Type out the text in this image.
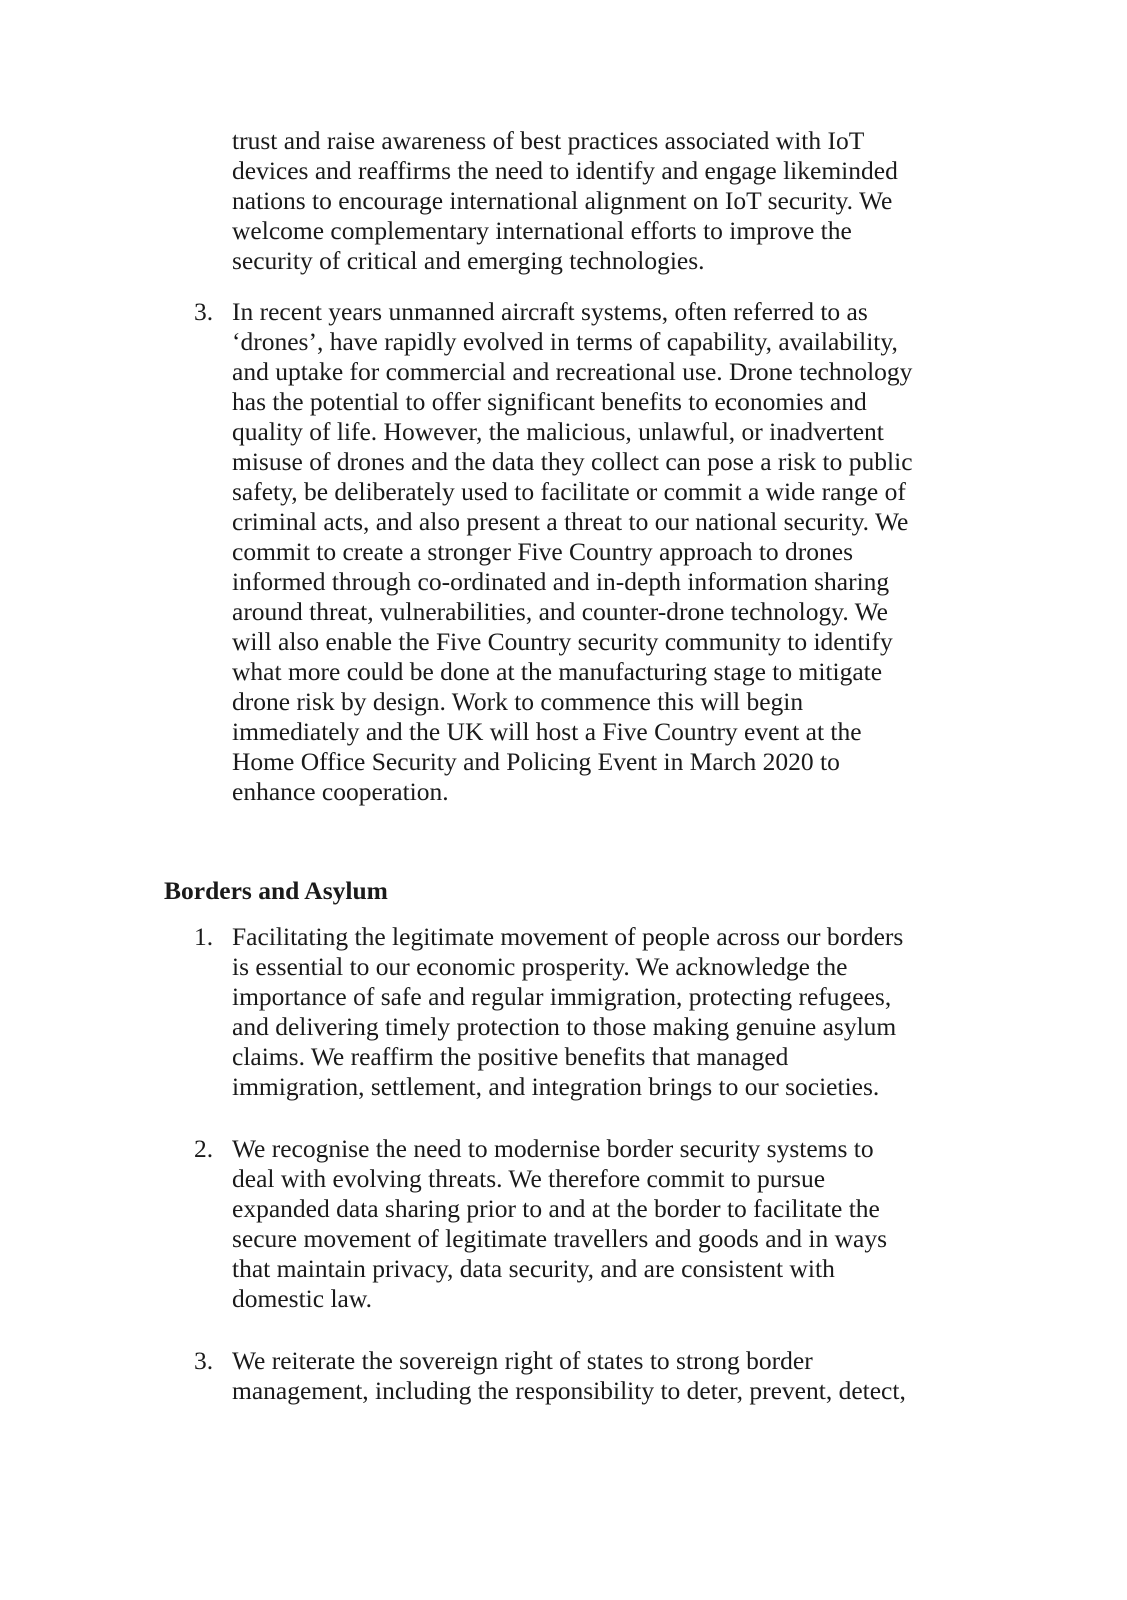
trust and raise awareness of best practices associated with IoT
devices and reaffirms the need to identify and engage likeminded
nations to encourage international alignment on IoT security. We
welcome complementary international efforts to improve the
security of critical and emerging technologies.
3. In recent years unmanned aircraft systems, often referred to as
‘drones’, have rapidly evolved in terms of capability, availability,
and uptake for commercial and recreational use. Drone technology
has the potential to offer significant benefits to economies and
quality of life. However, the malicious, unlawful, or inadvertent
misuse of drones and the data they collect can pose a risk to public
safety, be deliberately used to facilitate or commit a wide range of
criminal acts, and also present a threat to our national security. We
commit to create a stronger Five Country approach to drones
informed through co-ordinated and in-depth information sharing
around threat, vulnerabilities, and counter-drone technology. We
will also enable the Five Country security community to identify
what more could be done at the manufacturing stage to mitigate
drone risk by design. Work to commence this will begin
immediately and the UK will host a Five Country event at the
Home Office Security and Policing Event in March 2020 to
enhance cooperation.
Borders and Asylum
1. Facilitating the legitimate movement of people across our borders
is essential to our economic prosperity. We acknowledge the
importance of safe and regular immigration, protecting refugees,
and delivering timely protection to those making genuine asylum
claims. We reaffirm the positive benefits that managed
immigration, settlement, and integration brings to our societies.
2. We recognise the need to modernise border security systems to
deal with evolving threats. We therefore commit to pursue
expanded data sharing prior to and at the border to facilitate the
secure movement of legitimate travellers and goods and in ways
that maintain privacy, data security, and are consistent with
domestic law.
3. We reiterate the sovereign right of states to strong border
management, including the responsibility to deter, prevent, detect,
